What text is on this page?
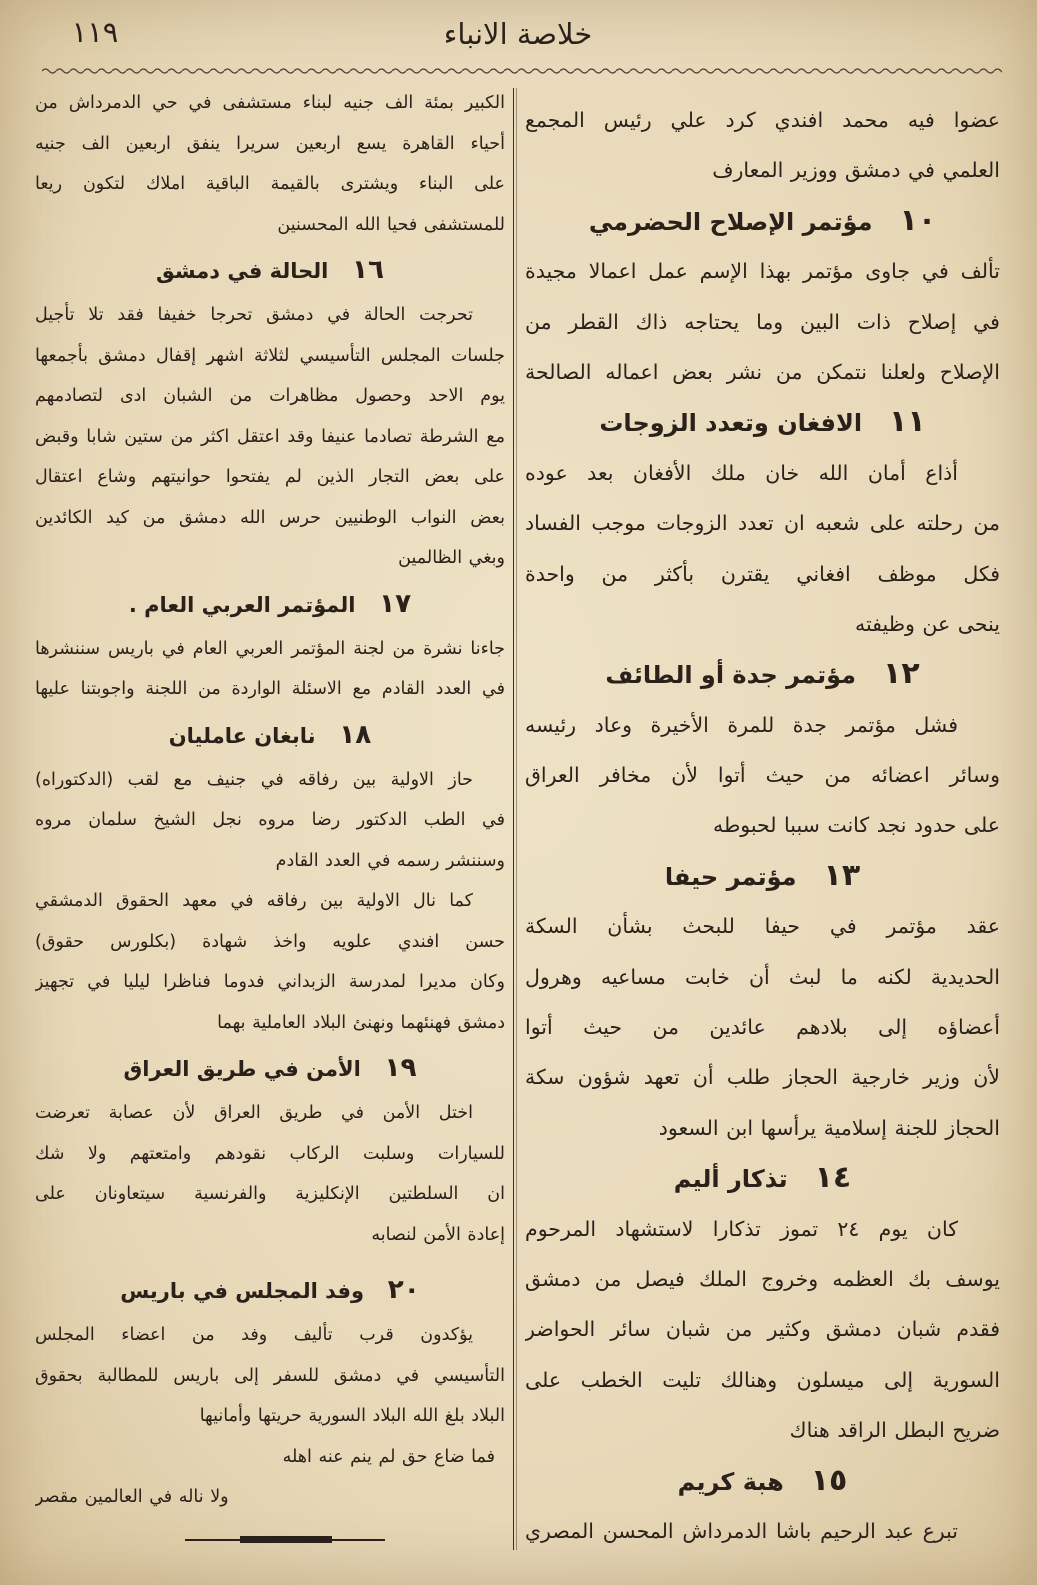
١١٩	خلاصة الانباء
عضوا فيه محمد افندي كرد علي رئيس المجمع
العلمي في دمشق ووزير المعارف
١٠مؤتمر الإصلاح الحضرمي
تألف في جاوى مؤتمر بهذا الإسم عمل اعمالا مجيدة
في إصلاح ذات البين وما يحتاجه ذاك القطر من
الإصلاح ولعلنا نتمكن من نشر بعض اعماله الصالحة
١١الافغان وتعدد الزوجات
أذاع أمان الله خان ملك الأفغان بعد عوده
من رحلته على شعبه ان تعدد الزوجات موجب الفساد
فكل موظف افغاني يقترن بأكثر من واحدة
ينحى عن وظيفته
١٢مؤتمر جدة أو الطائف
فشل مؤتمر جدة للمرة الأخيرة وعاد رئيسه
وسائر اعضائه من حيث أتوا لأن مخافر العراق
على حدود نجد كانت سببا لحبوطه
١٣مؤتمر حيفا
عقد مؤتمر في حيفا للبحث بشأن السكة
الحديدية لكنه ما لبث أن خابت مساعيه وهرول
أعضاؤه إلى بلادهم عائدين من حيث أتوا
لأن وزير خارجية الحجاز طلب أن تعهد شؤون سكة
الحجاز للجنة إسلامية يرأسها ابن السعود
١٤تذكار أليم
كان يوم ٢٤ تموز تذكارا لاستشهاد المرحوم
يوسف بك العظمه وخروج الملك فيصل من دمشق
فقدم شبان دمشق وكثير من شبان سائر الحواضر
السورية إلى ميسلون وهنالك تليت الخطب على
ضريح البطل الراقد هناك
١٥هبة كريم
تبرع عبد الرحيم باشا الدمرداش المحسن المصري
الكبير بمئة الف جنيه لبناء مستشفى في حي الدمرداش من
أحياء القاهرة يسع اربعين سريرا ينفق اربعين الف جنيه
على البناء ويشترى بالقيمة الباقية املاك لتكون ريعا
للمستشفى فحيا الله المحسنين
١٦الحالة في دمشق
تحرجت الحالة في دمشق تحرجا خفيفا فقد تلا تأجيل
جلسات المجلس التأسيسي لثلاثة اشهر إقفال دمشق بأجمعها
يوم الاحد وحصول مظاهرات من الشبان ادى لتصادمهم
مع الشرطة تصادما عنيفا وقد اعتقل اكثر من ستين شابا وقبض
على بعض التجار الذين لم يفتحوا حوانيتهم وشاع اعتقال
بعض النواب الوطنيين حرس الله دمشق من كيد الكائدين
وبغي الظالمين
١٧المؤتمر العربي العام .
جاءنا نشرة من لجنة المؤتمر العربي العام في باريس سننشرها
في العدد القادم مع الاسئلة الواردة من اللجنة واجوبتنا عليها
١٨نابغان عامليان
حاز الاولية بين رفاقه في جنيف مع لقب (الدكتوراه)
في الطب الدكتور رضا مروه نجل الشيخ سلمان مروه
وسننشر رسمه في العدد القادم
كما نال الاولية بين رفاقه في معهد الحقوق الدمشقي
حسن افندي علويه واخذ شهادة (بكلورس حقوق)
وكان مديرا لمدرسة الزبداني فدوما فناظرا ليليا في تجهيز
دمشق فهنئهما ونهنئ البلاد العاملية بهما
١٩الأمن في طريق العراق
اختل الأمن في طريق العراق لأن عصابة تعرضت
للسيارات وسلبت الركاب نقودهم وامتعتهم ولا شك
ان السلطتين الإنكليزية والفرنسية سيتعاونان على
إعادة الأمن لنصابه
٢٠وفد المجلس في باريس
يؤكدون قرب تأليف وفد من اعضاء المجلس
التأسيسي في دمشق للسفر إلى باريس للمطالبة بحقوق
البلاد بلغ الله البلاد السورية حريتها وأمانيها
فما ضاع حق لم ينم عنه اهله
ولا ناله في العالمين مقصر
